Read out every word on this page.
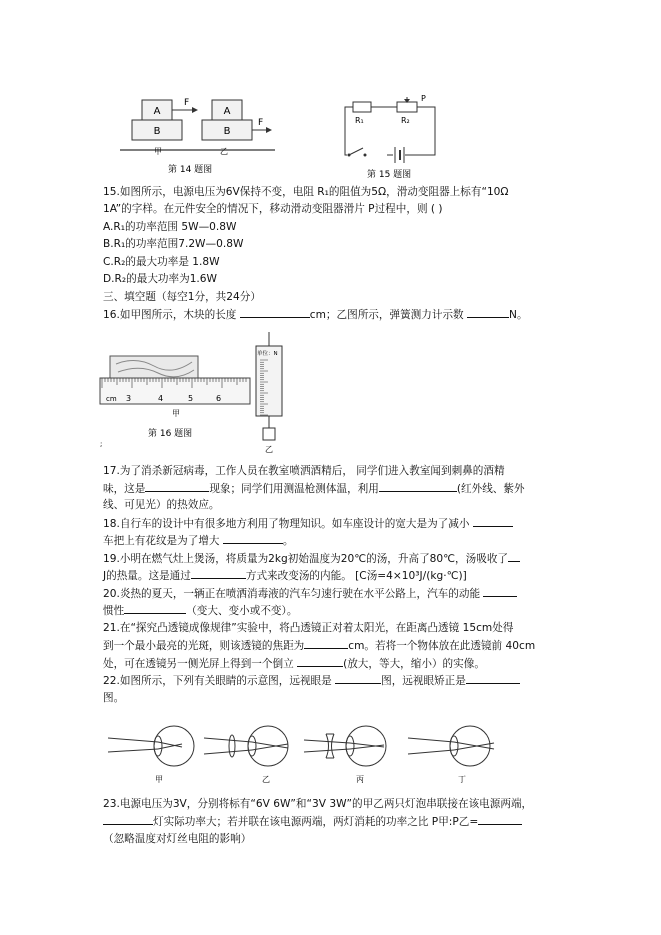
A
B
F
甲
A
B
F
乙
第 14 题图
R₁	R₂
P
第 15 题图
15.如图所示，电源电压为6V保持不变，电阻 R₁的阻值为5Ω，滑动变阻器上标有“10Ω
1A”的字样。在元件安全的情况下，移动滑动变阻器滑片 P过程中，则 ( )
A.R₁的功率范围 5W—0.8W
B.R₁的功率范围7.2W—0.8W
C.R₂的最大功率是 1.8W
D.R₂的最大功率为1.6W
三、填空题（每空1分，共24分）
16.如甲图所示，木块的长度	cm；乙图所示，弹簧测力计示数	N。
cm 3	4	5	6
甲
第 16 题图
单位：N
乙
;
17.为了消杀新冠病毒，工作人员在教室喷洒酒精后， 同学们进入教室闻到刺鼻的酒精
味，这是	现象；同学们用测温枪测体温，利用	(红外线、紫外
线、可见光）的热效应。
18.自行车的设计中有很多地方利用了物理知识。如车座设计的宽大是为了减小
车把上有花纹是为了增大	。
19.小明在燃气灶上煲汤，将质量为2kg初始温度为20℃的汤，升高了80℃，汤吸收了
J的热量。这是通过	方式来改变汤的内能。 [C汤=4×10³J/(kg·℃)]
20.炎热的夏天，一辆正在喷洒消毒液的汽车匀速行驶在水平公路上，汽车的动能
惯性	（变大、变小或不变）。
21.在“探究凸透镜成像规律”实验中，将凸透镜正对着太阳光，在距离凸透镜 15cm处得
到一个最小最亮的光斑，则该透镜的焦距为	cm。若将一个物体放在此透镜前 40cm
处，可在透镜另一侧光屏上得到一个倒立	(放大，等大，缩小）的实像。
22.如图所示，下列有关眼睛的示意图，远视眼是	图，远视眼矫正是
图。
甲	乙	丙	丁
23.电源电压为3V，分别将标有“6V 6W”和“3V 3W”的甲乙两只灯泡串联接在该电源两端，
灯实际功率大；若并联在该电源两端，两灯消耗的功率之比 P甲:P乙=
（忽略温度对灯丝电阻的影响）
